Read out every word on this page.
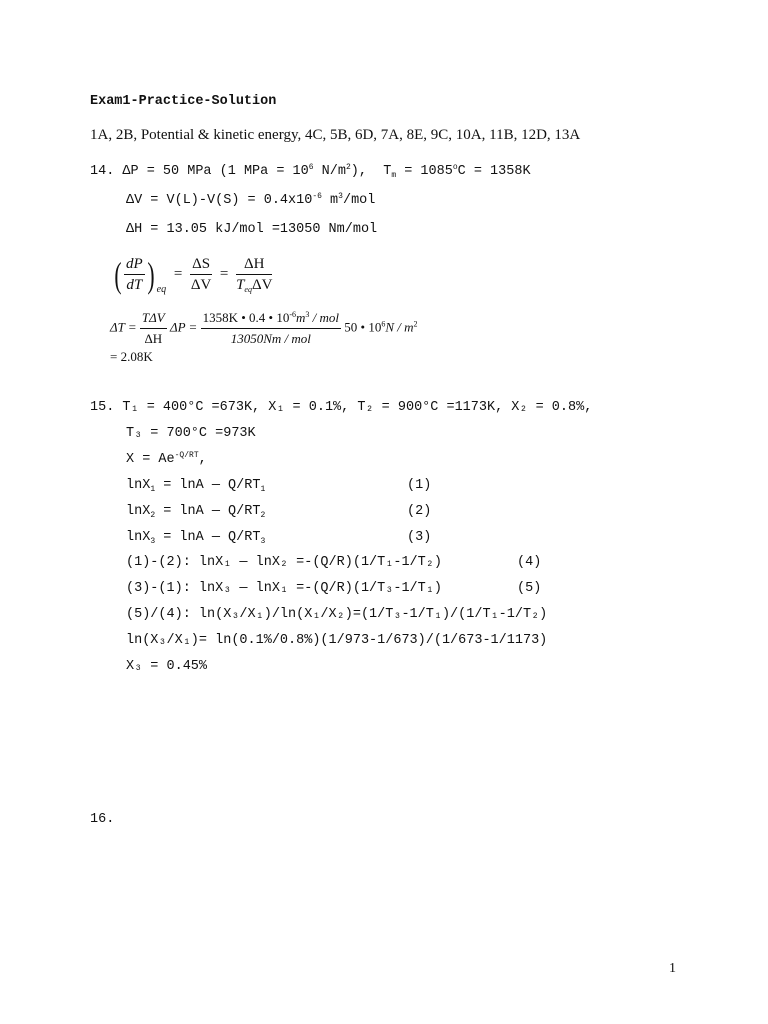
Exam1-Practice-Solution
1A, 2B, Potential & kinetic energy, 4C, 5B, 6D, 7A, 8E, 9C, 10A, 11B, 12D, 13A
14. ΔP = 50 MPa (1 MPa = $10^6$ $N/m^2$),  $T_m = 1085^oC = 1358K$
$\Delta V = V(L)-V(S) = 0.4x10^{-6}$ $m^3$/mol
ΔH = 13.05 kJ/mol =13050 Nm/mol
( $\frac{dP}{dT}$ ) $_{eq} = \frac{\Delta S}{\Delta V} = \frac{\Delta H}{T_{eq}\Delta V}$
$\Delta T = \frac{\text{TΔV}}{\Delta H}$ $\Delta P = \frac{1358K • 0.4 • 10^{-6}m^3 / mol}{\text{13050Nm / mol}} 50$ • $10^6N / m^2$
= 2.08K
15. T₁ = 400°C =673K, X₁ = 0.1%, T₂ = 900°C =1173K, X₂ = 0.8%,
T₃ = 700°C =973K
$X = Ae^{-Q/RT}$,
lnX$_1$ = lnA — $Q/RT_1$	(1)
lnX$_2$ = lnA — $Q/RT_2$	(2)
lnX$_3$ = lnA — $Q/RT_3$	(3)
(1)-(2): lnX₁ — lnX₂ =-(Q/R)(1/T₁-1/T₂)	(4)
(3)-(1): lnX₃ — lnX₁ =-(Q/R)(1/T₃-1/T₁)	(5)
(5)/(4): ln(X₃/X₁)/ln(X₁/X₂)=(1/T₃-1/T₁)/(1/T₁-1/T₂)
ln(X₃/X₁)= ln(0.1%/0.8%)(1/973-1/673)/(1/673-1/1173)
X₃ = 0.45%
16.
1
